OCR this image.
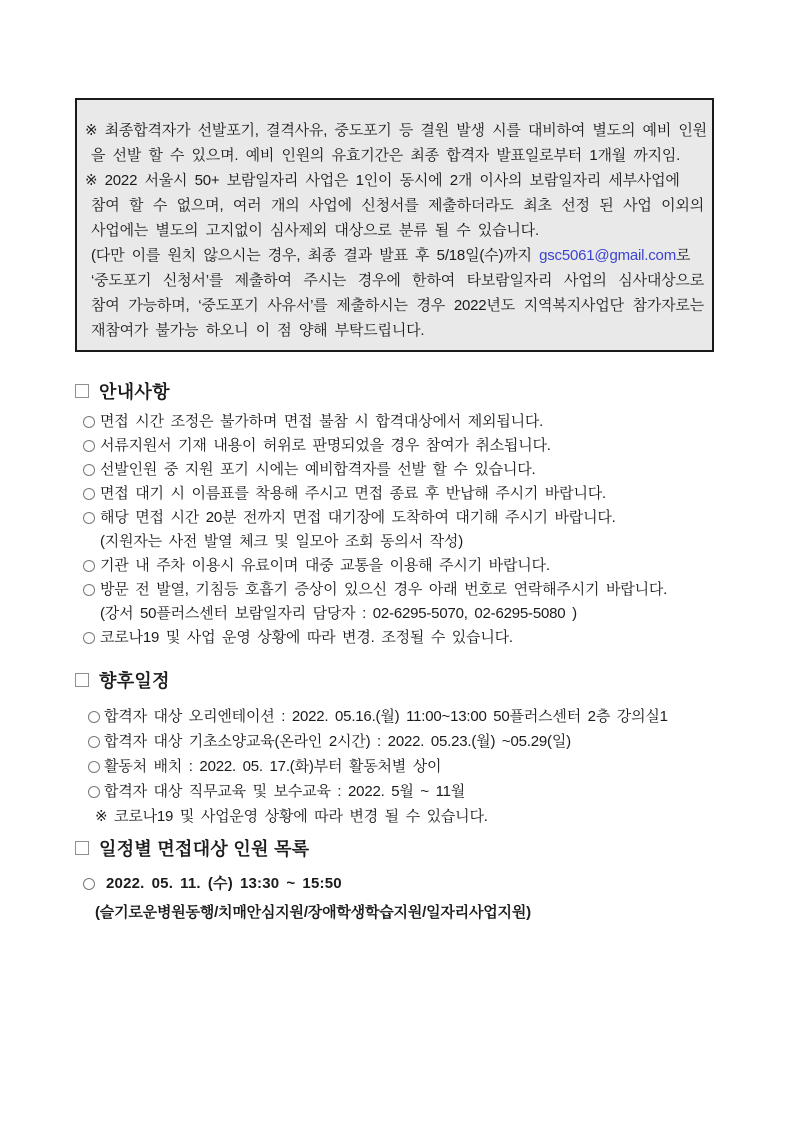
※ 최종합격자가 선발포기, 결격사유, 중도포기 등 결원 발생 시를 대비하여 별도의 예비 인원
을 선발 할 수 있으며. 예비 인원의 유효기간은 최종 합격자 발표일로부터 1개월 까지임.
※ 2022 서울시 50+ 보람일자리 사업은 1인이 동시에 2개 이사의 보람일자리 세부사업에
참여 할 수 없으며, 여러 개의 사업에 신청서를 제출하더라도 최초 선정 된 사업 이외의
사업에는 별도의 고지없이 심사제외 대상으로 분류 될 수 있습니다.
(다만 이를 원치 않으시는 경우, 최종 결과 발표 후 5/18일(수)까지 gsc5061@gmail.com로
‘중도포기 신청서’를 제출하여 주시는 경우에 한하여 타보람일자리 사업의 심사대상으로
참여 가능하며, ‘중도포기 사유서’를 제출하시는 경우 2022년도 지역복지사업단 참가자로는
재참여가 불가능 하오니 이 점 양해 부탁드립니다.
안내사항
면접 시간 조정은 불가하며 면접 불참 시 합격대상에서 제외됩니다.
서류지원서 기재 내용이 허위로 판명되었을 경우 참여가 취소됩니다.
선발인원 중 지원 포기 시에는 예비합격자를 선발 할 수 있습니다.
면접 대기 시 이름표를 착용해 주시고 면접 종료 후 반납해 주시기 바랍니다.
해당 면접 시간 20분 전까지 면접 대기장에 도착하여 대기해 주시기 바랍니다.
(지원자는 사전 발열 체크 및 일모아 조회 동의서 작성)
기관 내 주차 이용시 유료이며 대중 교통을 이용해 주시기 바랍니다.
방문 전 발열, 기침등 호흡기 증상이 있으신 경우 아래 번호로 연락해주시기 바랍니다.
(강서 50플러스센터 보람일자리 담당자 : 02-6295-5070, 02-6295-5080 )
코로나19 및 사업 운영 상황에 따라 변경. 조정될 수 있습니다.
향후일정
합격자 대상 오리엔테이션 : 2022. 05.16.(월) 11:00~13:00 50플러스센터 2층 강의실1
합격자 대상 기초소양교육(온라인 2시간) : 2022. 05.23.(월) ~05.29(일)
활동처 배치 : 2022. 05. 17.(화)부터 활동처별 상이
합격자 대상 직무교육 및 보수교육 : 2022. 5월 ~ 11월
※ 코로나19 및 사업운영 상황에 따라 변경 될 수 있습니다.
일정별 면접대상 인원 목록
2022. 05. 11. (수) 13:30 ~ 15:50
(슬기로운병원동행/치매안심지원/장애학생학습지원/일자리사업지원)
